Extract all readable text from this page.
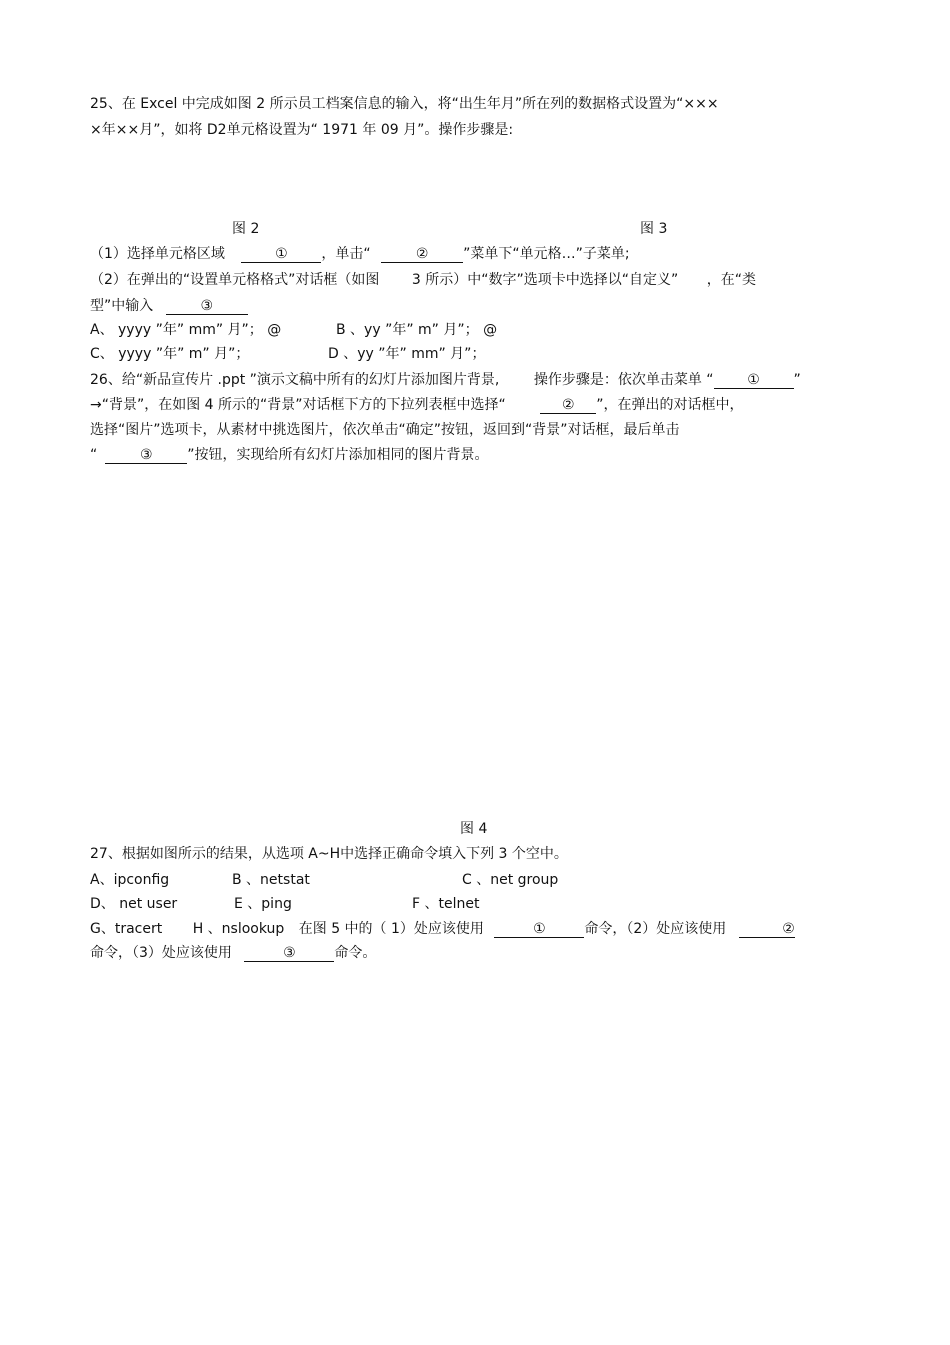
25、在 Excel 中完成如图 2 所示员工档案信息的输入，将“出生年月”所在列的数据格式设置为“×××
×年××月”，如将 D2单元格设置为“ 1971 年 09 月”。操作步骤是:
图 2	图 3
（1）选择单元格区域	① ，单击“	② ”菜单下“单元格…”子菜单;
（2）在弹出的“设置单元格格式”对话框（如图 3 所示）中“数字”选项卡中选择以“自定义” ，在“类
型”中输入	③
A、 yyyy ”年” mm” 月”； @	B 、yy ”年” m” 月”； @
C、 yyyy ”年” m” 月”；	D 、yy ”年” mm” 月”；
26、给“新品宣传片 .ppt ”演示文稿中所有的幻灯片添加图片背景, 操作步骤是：依次单击菜单 “ ① ”
→“背景”，在如图 4 所示的“背景”对话框下方的下拉列表框中选择“	② ”，在弹出的对话框中，
选择“图片”选项卡，从素材中挑选图片，依次单击“确定”按钮，返回到“背景”对话框，最后单击
“	③ ”按钮，实现给所有幻灯片添加相同的图片背景。
图 4
27、根据如图所示的结果，从选项 A~H中选择正确命令填入下列 3 个空中。
A、ipconfig	B 、netstat	C 、net group
D、 net user	E 、ping	F 、telnet
G、tracert H 、nslookup 在图 5 中的（ 1）处应该使用	①	命令，（2）处应该使用	②
命令，（3）处应该使用	③	命令。
